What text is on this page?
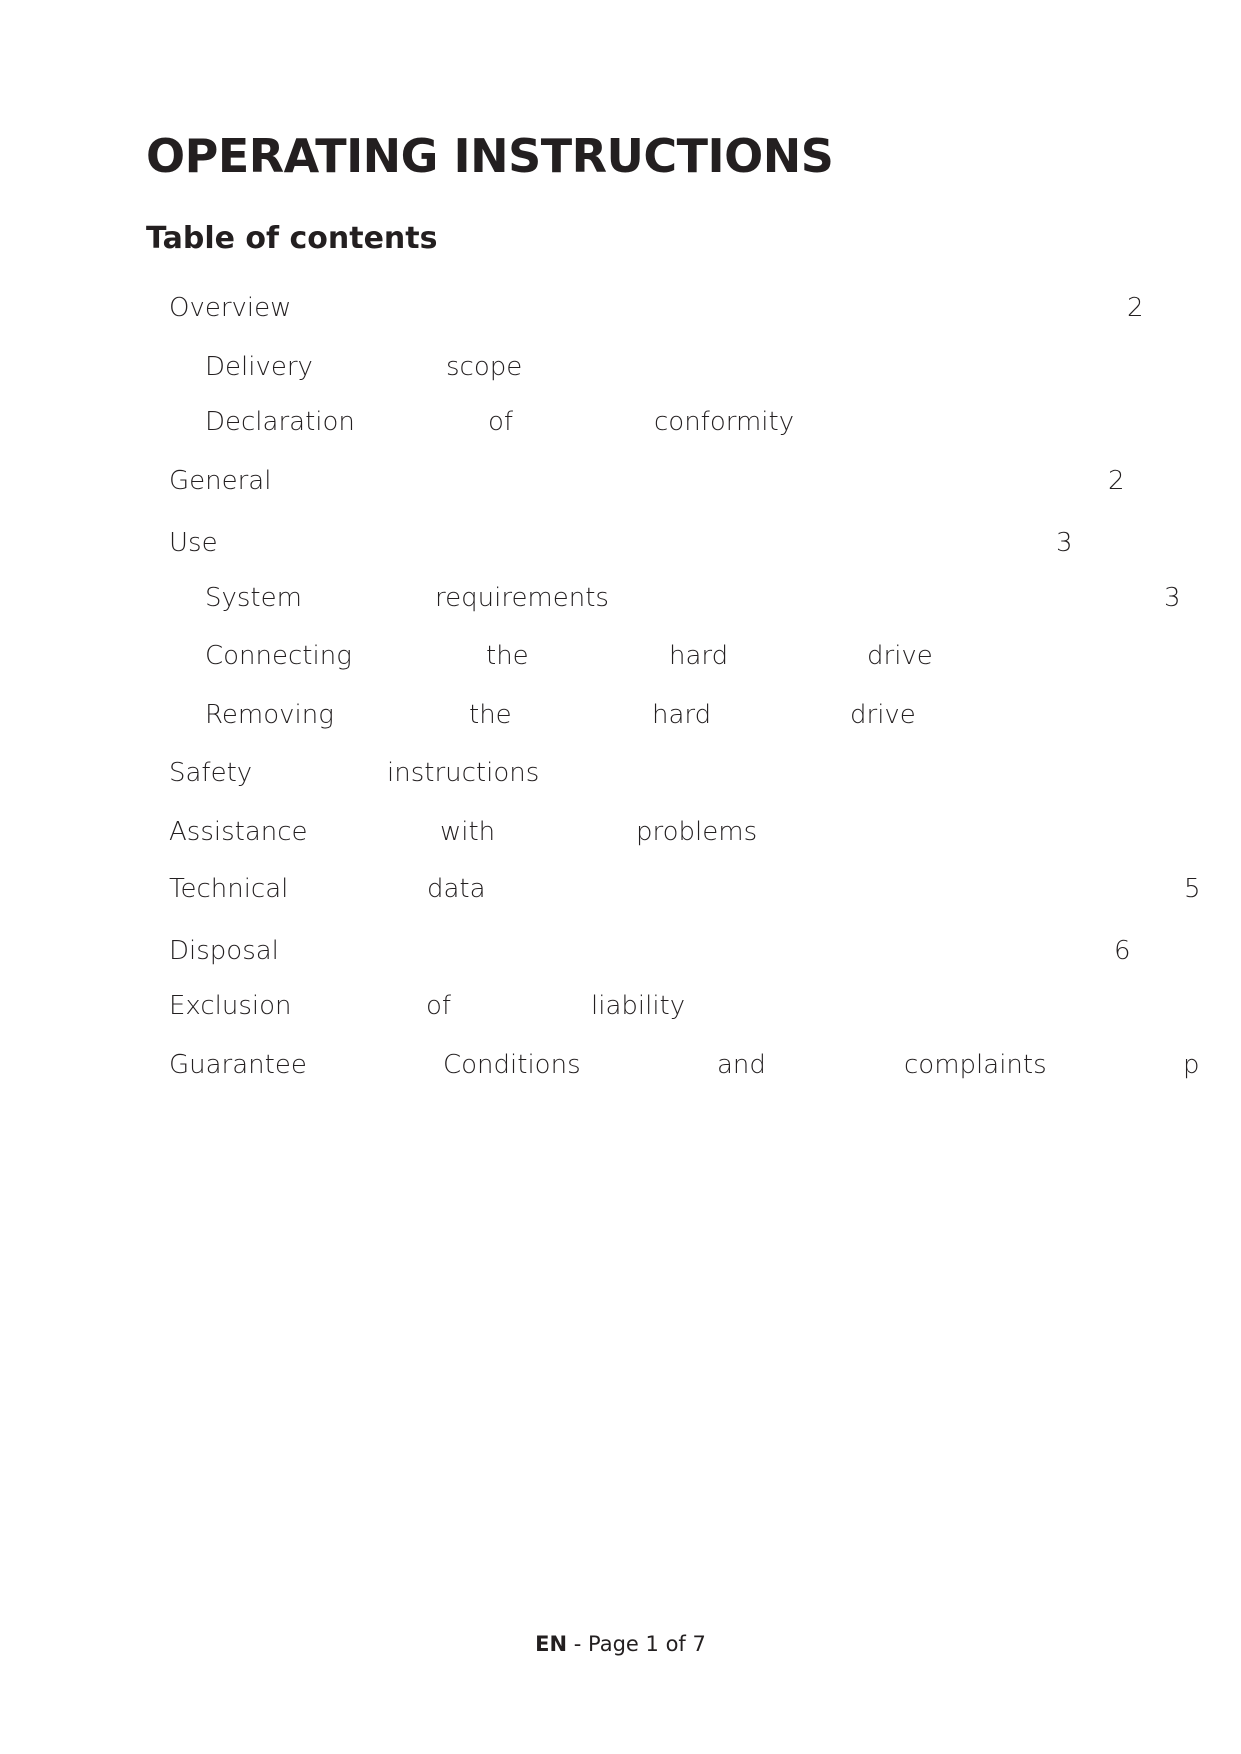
OPERATING INSTRUCTIONS
Table of contents
Overview	2
Delivery	scope
Declaration	of	conformity
General	2
Use	3
System	requirements	3
Connecting	the	hard	drive
Removing	the	hard	drive
Safety	instructions
Assistance	with	problems
Technical	data	5
Disposal	6
Exclusion	of	liability
Guarantee	Conditions	and	complaints	p
EN - Page 1 of 7
